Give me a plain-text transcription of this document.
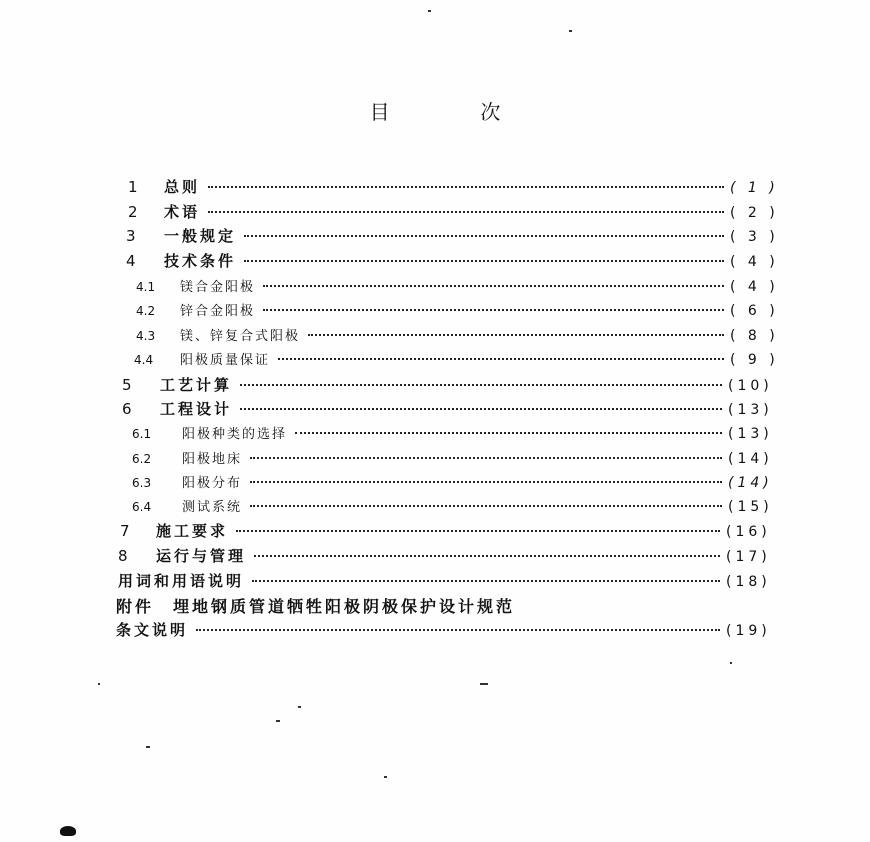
目	次
1	总则	( 1 )
2	术语	( 2 )
3	一般规定	( 3 )
4	技术条件	( 4 )
4.1	镁合金阳极	( 4 )
4.2	锌合金阳极	( 6 )
4.3	镁、锌复合式阳极	( 8 )
4.4	阳极质量保证	( 9 )
5	工艺计算	(10)
6	工程设计	(13)
6.1	阳极种类的选择	(13)
6.2	阳极地床	(14)
6.3	阳极分布	(14)
6.4	测试系统	(15)
7	施工要求	(16)
8	运行与管理	(17)
用词和用语说明	(18)
附件　埋地钢质管道牺牲阳极阴极保护设计规范
条文说明	(19)
